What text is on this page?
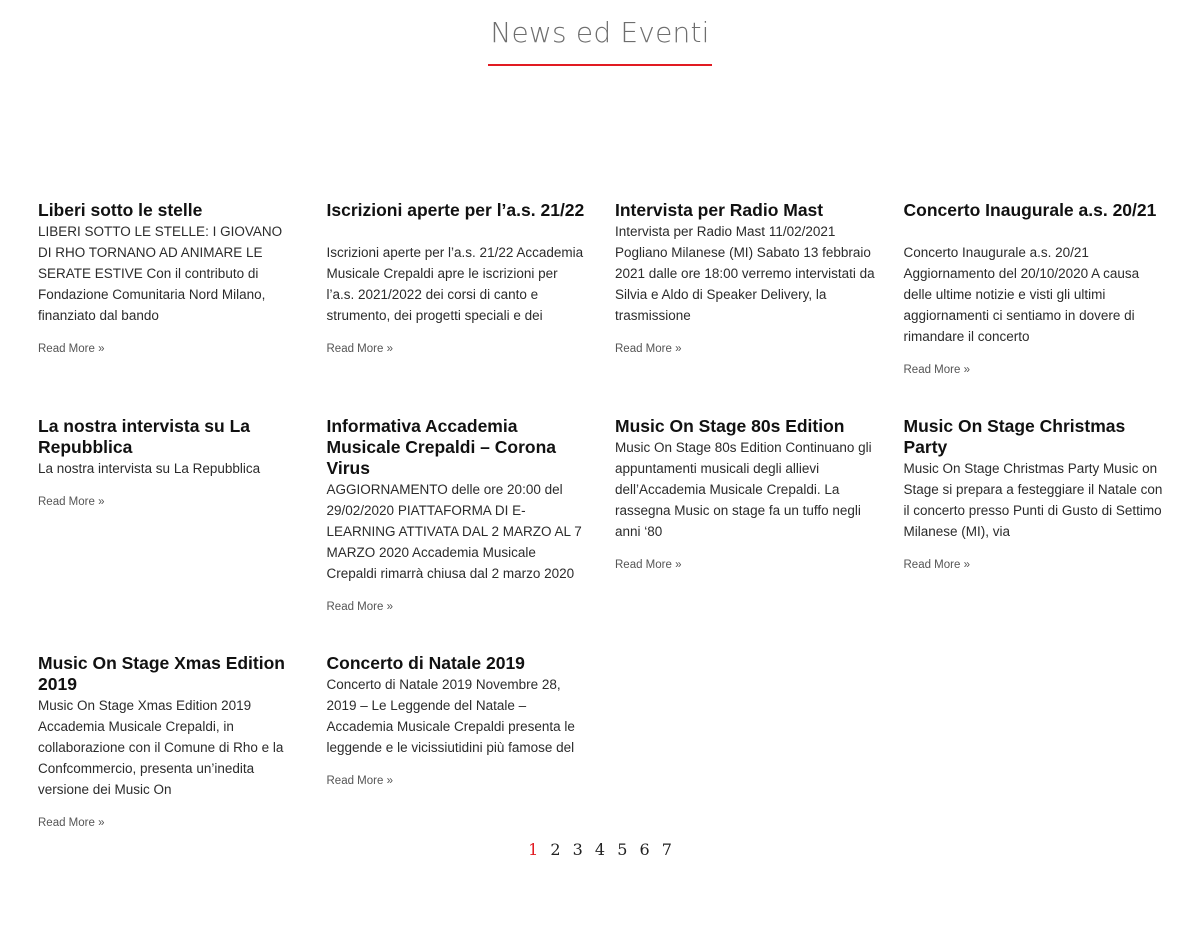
News ed Eventi
Liberi sotto le stelle

LIBERI SOTTO LE STELLE: I GIOVANO DI RHO TORNANO AD ANIMARE LE SERATE ESTIVE Con il contributo di Fondazione Comunitaria Nord Milano, finanziato dal bando

Read More »
Iscrizioni aperte per l’a.s. 21/22

Iscrizioni aperte per l’a.s. 21/22 Accademia Musicale Crepaldi apre le iscrizioni per l’a.s. 2021/2022 dei corsi di canto e strumento, dei progetti speciali e dei

Read More »
Intervista per Radio Mast

Intervista per Radio Mast 11/02/2021 Pogliano Milanese (MI) Sabato 13 febbraio 2021 dalle ore 18:00 verremo intervistati da Silvia e Aldo di Speaker Delivery, la trasmissione

Read More »
Concerto Inaugurale a.s. 20/21

Concerto Inaugurale a.s. 20/21 Aggiornamento del 20/10/2020 A causa delle ultime notizie e visti gli ultimi aggiornamenti ci sentiamo in dovere di rimandare il concerto

Read More »
La nostra intervista su La Repubblica

La nostra intervista su La Repubblica

Read More »
Informativa Accademia Musicale Crepaldi – Corona Virus

AGGIORNAMENTO delle ore 20:00 del 29/02/2020 PIATTAFORMA DI E-LEARNING ATTIVATA DAL 2 MARZO AL 7 MARZO 2020 Accademia Musicale Crepaldi rimarrà chiusa dal 2 marzo 2020

Read More »
Music On Stage 80s Edition

Music On Stage 80s Edition Continuano gli appuntamenti musicali degli allievi dell’Accademia Musicale Crepaldi. La rassegna Music on stage fa un tuffo negli anni ‘80

Read More »
Music On Stage Christmas Party

Music On Stage Christmas Party Music on Stage si prepara a festeggiare il Natale con il concerto presso Punti di Gusto di Settimo Milanese (MI), via

Read More »
Music On Stage Xmas Edition 2019

Music On Stage Xmas Edition 2019 Accademia Musicale Crepaldi, in collaborazione con il Comune di Rho e la Confcommercio, presenta un’inedita versione dei Music On

Read More »
Concerto di Natale 2019

Concerto di Natale 2019 Novembre 28, 2019 – Le Leggende del Natale – Accademia Musicale Crepaldi presenta le leggende e le vicissiutidini più famose del

Read More »
1 2 3 4 5 6 7
